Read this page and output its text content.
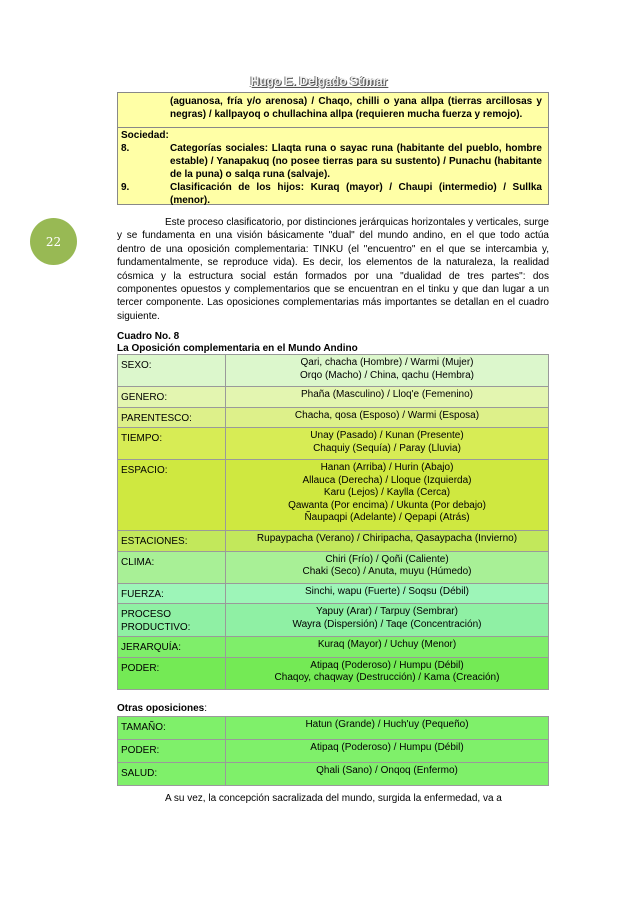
Hugo E. Delgado Súmar
22
(aguanosa, fría y/o arenosa) / Chaqo, chilli o yana allpa (tierras arcillosas y negras) / kallpayoq o chullachina allpa (requieren mucha fuerza y remojo).
Sociedad:
8.	Categorías sociales: Llaqta runa o sayac runa (habitante del pueblo, hombre estable) / Yanapakuq (no posee tierras para su sustento) / Punachu (habitante de la puna) o salqa runa (salvaje).
9.	Clasificación de los hijos: Kuraq (mayor) / Chaupi (intermedio) / Sullka (menor).
Este proceso clasificatorio, por distinciones jerárquicas horizontales y verticales, surge y se fundamenta en una visión básicamente "dual" del mundo andino, en el que todo actúa dentro de una oposición complementaria: TINKU (el "encuentro" en el que se intercambia y, fundamentalmente, se reproduce vida). Es decir, los elementos de la naturaleza, la realidad cósmica y la estructura social están formados por una "dualidad de tres partes": dos componentes opuestos y complementarios que se encuentran en el tinku y que dan lugar a un tercer componente. Las oposiciones complementarias más importantes se detallan en el cuadro siguiente.
Cuadro No. 8
La Oposición complementaria en el Mundo Andino
SEXO:	Qari, chacha (Hombre) / Warmi (Mujer)
Orqo (Macho) / China, qachu (Hembra)
GENERO:	Phaña (Masculino) / Lloq'e (Femenino)
PARENTESCO:	Chacha, qosa (Esposo) / Warmi (Esposa)
TIEMPO:	Unay (Pasado) / Kunan (Presente)
Chaquiy (Sequía) / Paray (Lluvia)
ESPACIO:	Hanan (Arriba) / Hurin (Abajo)
Allauca (Derecha) / Lloque (Izquierda)
Karu (Lejos) / Kaylla (Cerca)
Qawanta (Por encima) / Ukunta (Por debajo)
Ñaupaqpi (Adelante) / Qepapi (Atrás)
ESTACIONES:	Rupaypacha (Verano) / Chiripacha, Qasaypacha (Invierno)
CLIMA:	Chiri (Frío) / Qoñi (Caliente)
Chaki (Seco) / Anuta, muyu (Húmedo)
FUERZA:	Sinchi, wapu (Fuerte) / Soqsu (Débil)
PROCESO
PRODUCTIVO:	Yapuy (Arar) / Tarpuy (Sembrar)
Wayra (Dispersión) / Taqe (Concentración)
JERARQUÍA:	Kuraq (Mayor) / Uchuy (Menor)
PODER:	Atipaq (Poderoso) / Humpu (Débil)
Chaqoy, chaqway (Destrucción) / Kama (Creación)
Otras oposiciones:
TAMAÑO:	Hatun (Grande) / Huch'uy (Pequeño)
PODER:	Atipaq (Poderoso) / Humpu (Débil)
SALUD:	Qhali (Sano) / Onqoq (Enfermo)
A su vez, la concepción sacralizada del mundo, surgida la enfermedad, va a
